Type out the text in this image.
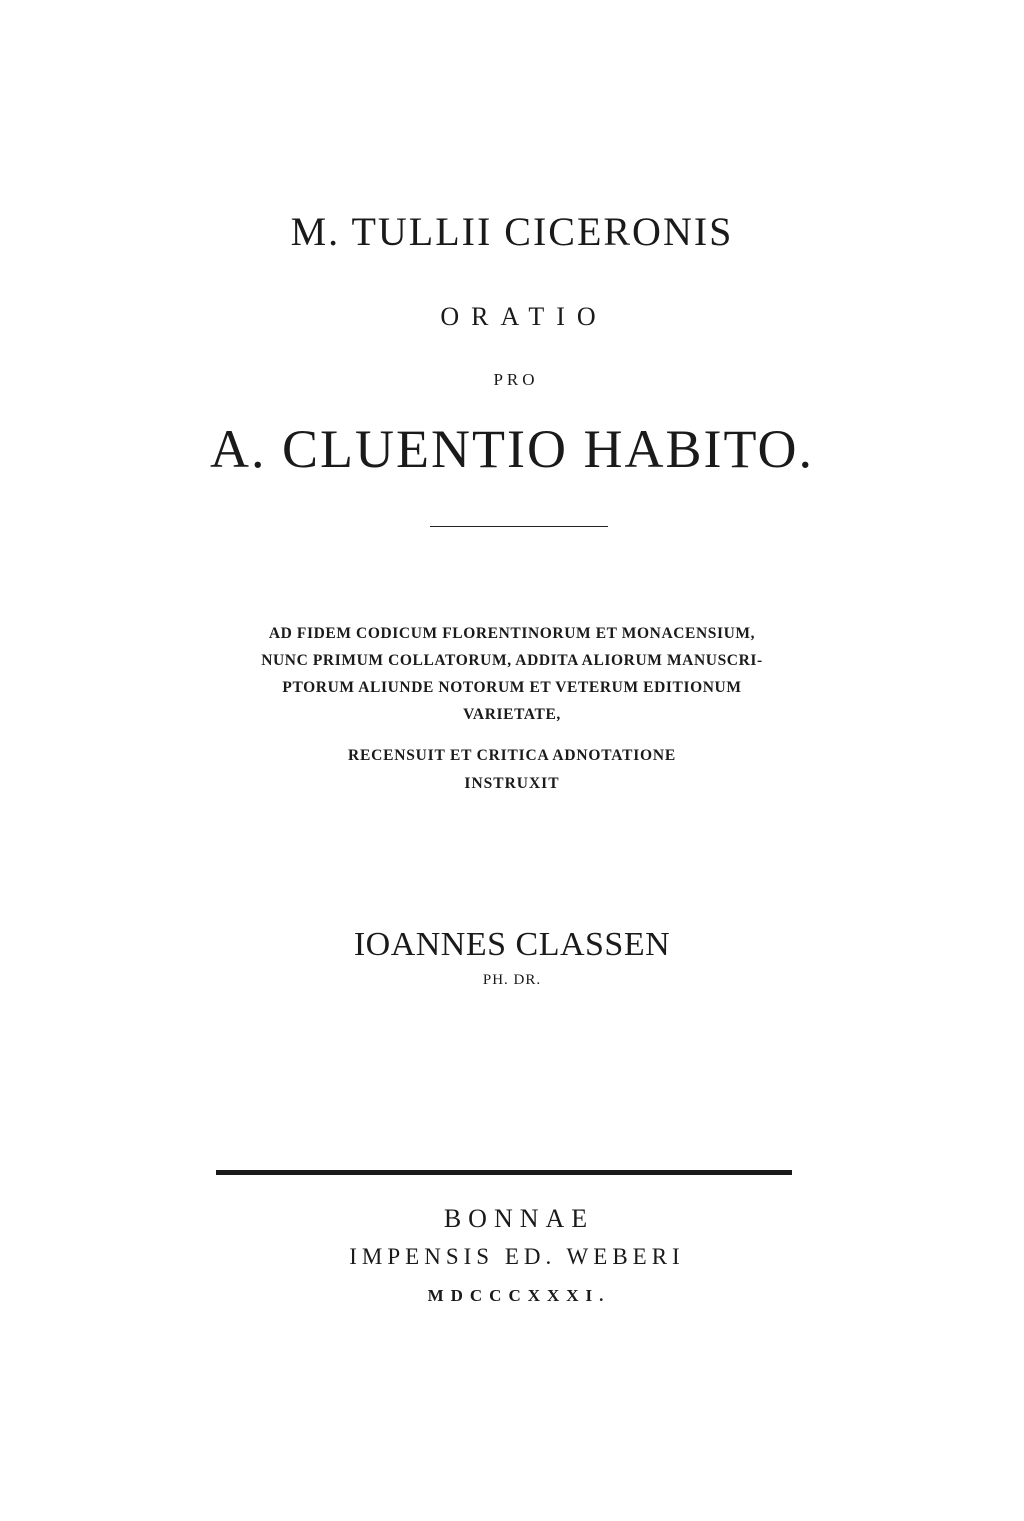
M. TULLII CICERONIS
ORATIO
PRO
A. CLUENTIO HABITO.
AD FIDEM CODICUM FLORENTINORUM ET MONACENSIUM,
NUNC PRIMUM COLLATORUM, ADDITA ALIORUM MANUSCRI-
PTORUM ALIUNDE NOTORUM ET VETERUM EDITIONUM
VARIETATE,
RECENSUIT ET CRITICA ADNOTATIONE
INSTRUXIT
IOANNES CLASSEN
PH. DR.
BONNAE
IMPENSIS ED. WEBERI
MDCCCXXXI.
